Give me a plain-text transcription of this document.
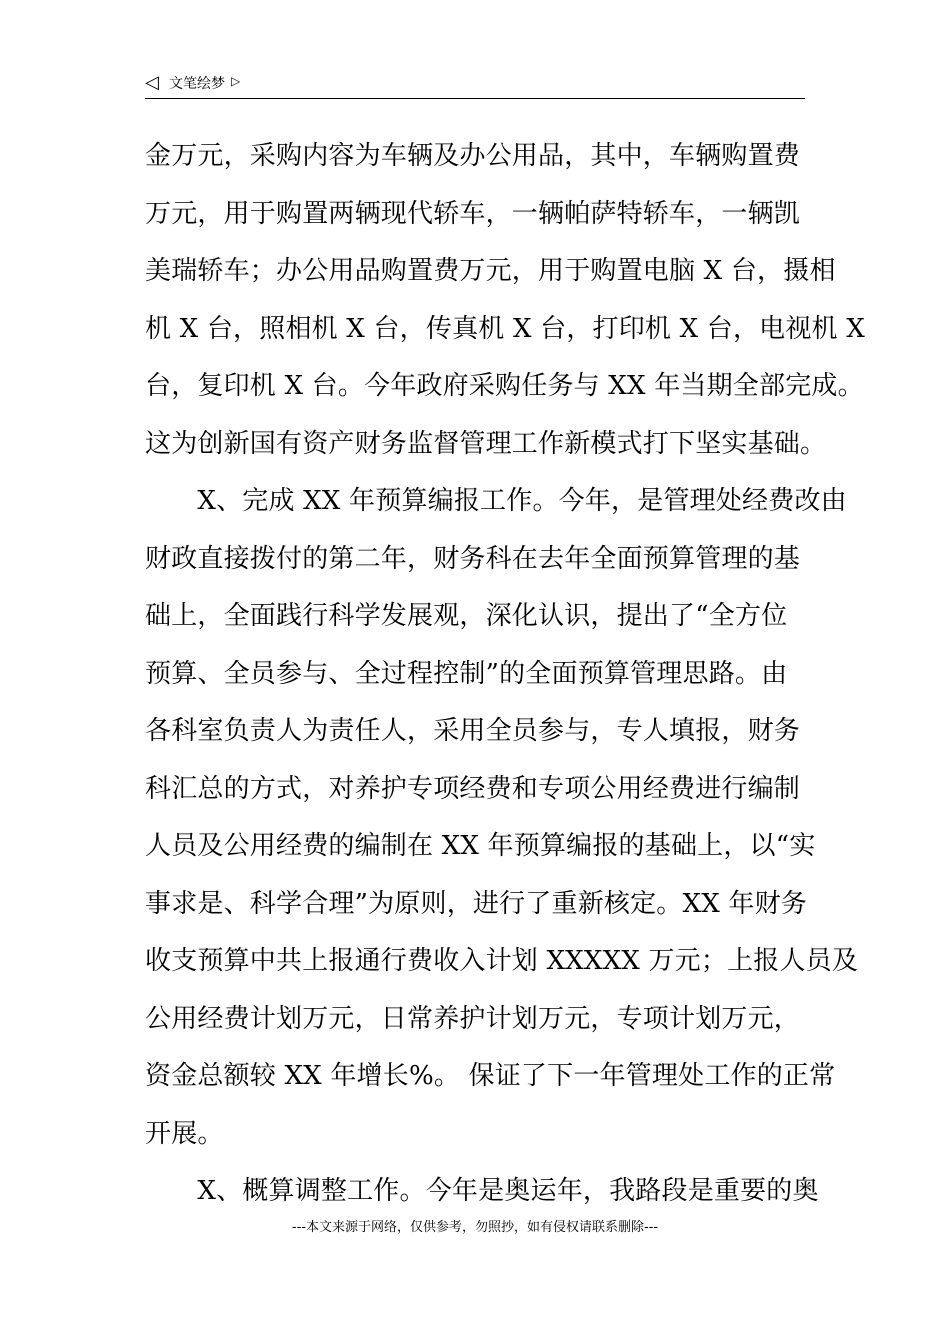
◁ 文笔绘梦 ▷
金万元，采购内容为车辆及办公用品，其中，车辆购置费
万元，用于购置两辆现代轿车，一辆帕萨特轿车，一辆凯
美瑞轿车；办公用品购置费万元，用于购置电脑 X 台，摄相
机 X 台，照相机 X 台，传真机 X 台，打印机 X 台，电视机 X
台，复印机 X 台。今年政府采购任务与 XX 年当期全部完成。
这为创新国有资产财务监督管理工作新模式打下坚实基础。
　　X、完成 XX 年预算编报工作。今年，是管理处经费改由
财政直接拨付的第二年，财务科在去年全面预算管理的基
础上，全面践行科学发展观，深化认识，提出了“全方位
预算、全员参与、全过程控制”的全面预算管理思路。由
各科室负责人为责任人，采用全员参与，专人填报，财务
科汇总的方式，对养护专项经费和专项公用经费进行编制
人员及公用经费的编制在 XX 年预算编报的基础上，以“实
事求是、科学合理”为原则，进行了重新核定。XX 年财务
收支预算中共上报通行费收入计划 XXXXX 万元；上报人员及
公用经费计划万元，日常养护计划万元，专项计划万元，
资金总额较 XX 年增长%。 保证了下一年管理处工作的正常
开展。
　　X、概算调整工作。今年是奥运年，我路段是重要的奥
---本文来源于网络，仅供参考，勿照抄，如有侵权请联系删除---
